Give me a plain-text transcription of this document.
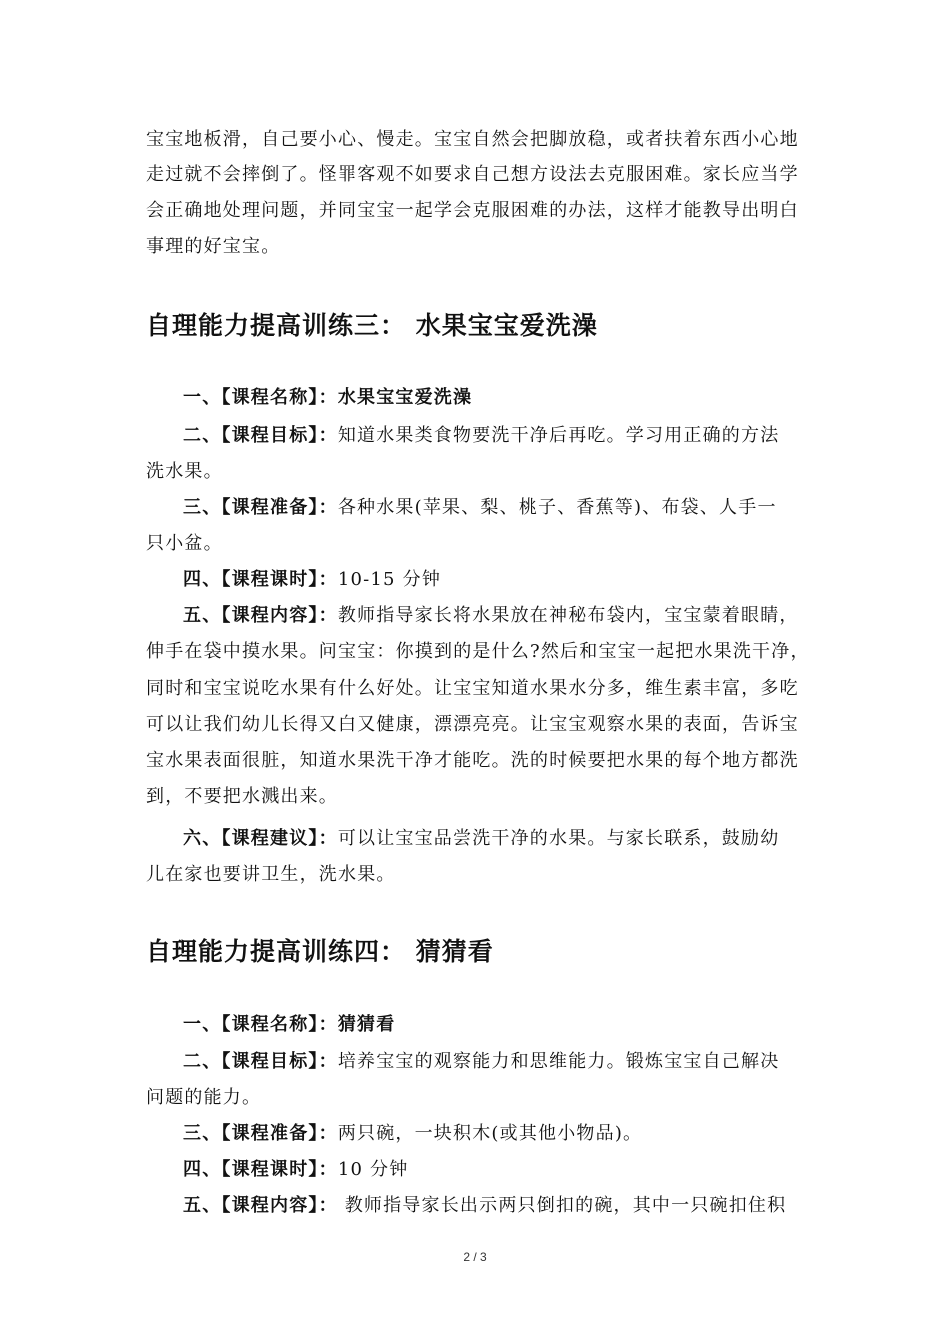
宝宝地板滑，自己要小心、慢走。宝宝自然会把脚放稳，或者扶着东西小心地
走过就不会摔倒了。怪罪客观不如要求自己想方设法去克服困难。家长应当学
会正确地处理问题，并同宝宝一起学会克服困难的办法，这样才能教导出明白
事理的好宝宝。
自理能力提高训练三： 水果宝宝爱洗澡
一、【课程名称】：水果宝宝爱洗澡
二、【课程目标】：知道水果类食物要洗干净后再吃。学习用正确的方法
洗水果。
三、【课程准备】：各种水果(苹果、梨、桃子、香蕉等)、布袋、人手一
只小盆。
四、【课程课时】：10-15 分钟
五、【课程内容】：教师指导家长将水果放在神秘布袋内，宝宝蒙着眼睛，
伸手在袋中摸水果。问宝宝：你摸到的是什么?然后和宝宝一起把水果洗干净，
同时和宝宝说吃水果有什么好处。让宝宝知道水果水分多，维生素丰富，多吃
可以让我们幼儿长得又白又健康，漂漂亮亮。让宝宝观察水果的表面，告诉宝
宝水果表面很脏，知道水果洗干净才能吃。洗的时候要把水果的每个地方都洗
到，不要把水溅出来。
六、【课程建议】：可以让宝宝品尝洗干净的水果。与家长联系，鼓励幼
儿在家也要讲卫生，洗水果。
自理能力提高训练四： 猜猜看
一、【课程名称】：猜猜看
二、【课程目标】：培养宝宝的观察能力和思维能力。锻炼宝宝自己解决
问题的能力。
三、【课程准备】：两只碗，一块积木(或其他小物品)。
四、【课程课时】：10 分钟
五、【课程内容】： 教师指导家长出示两只倒扣的碗，其中一只碗扣住积
2 / 3
